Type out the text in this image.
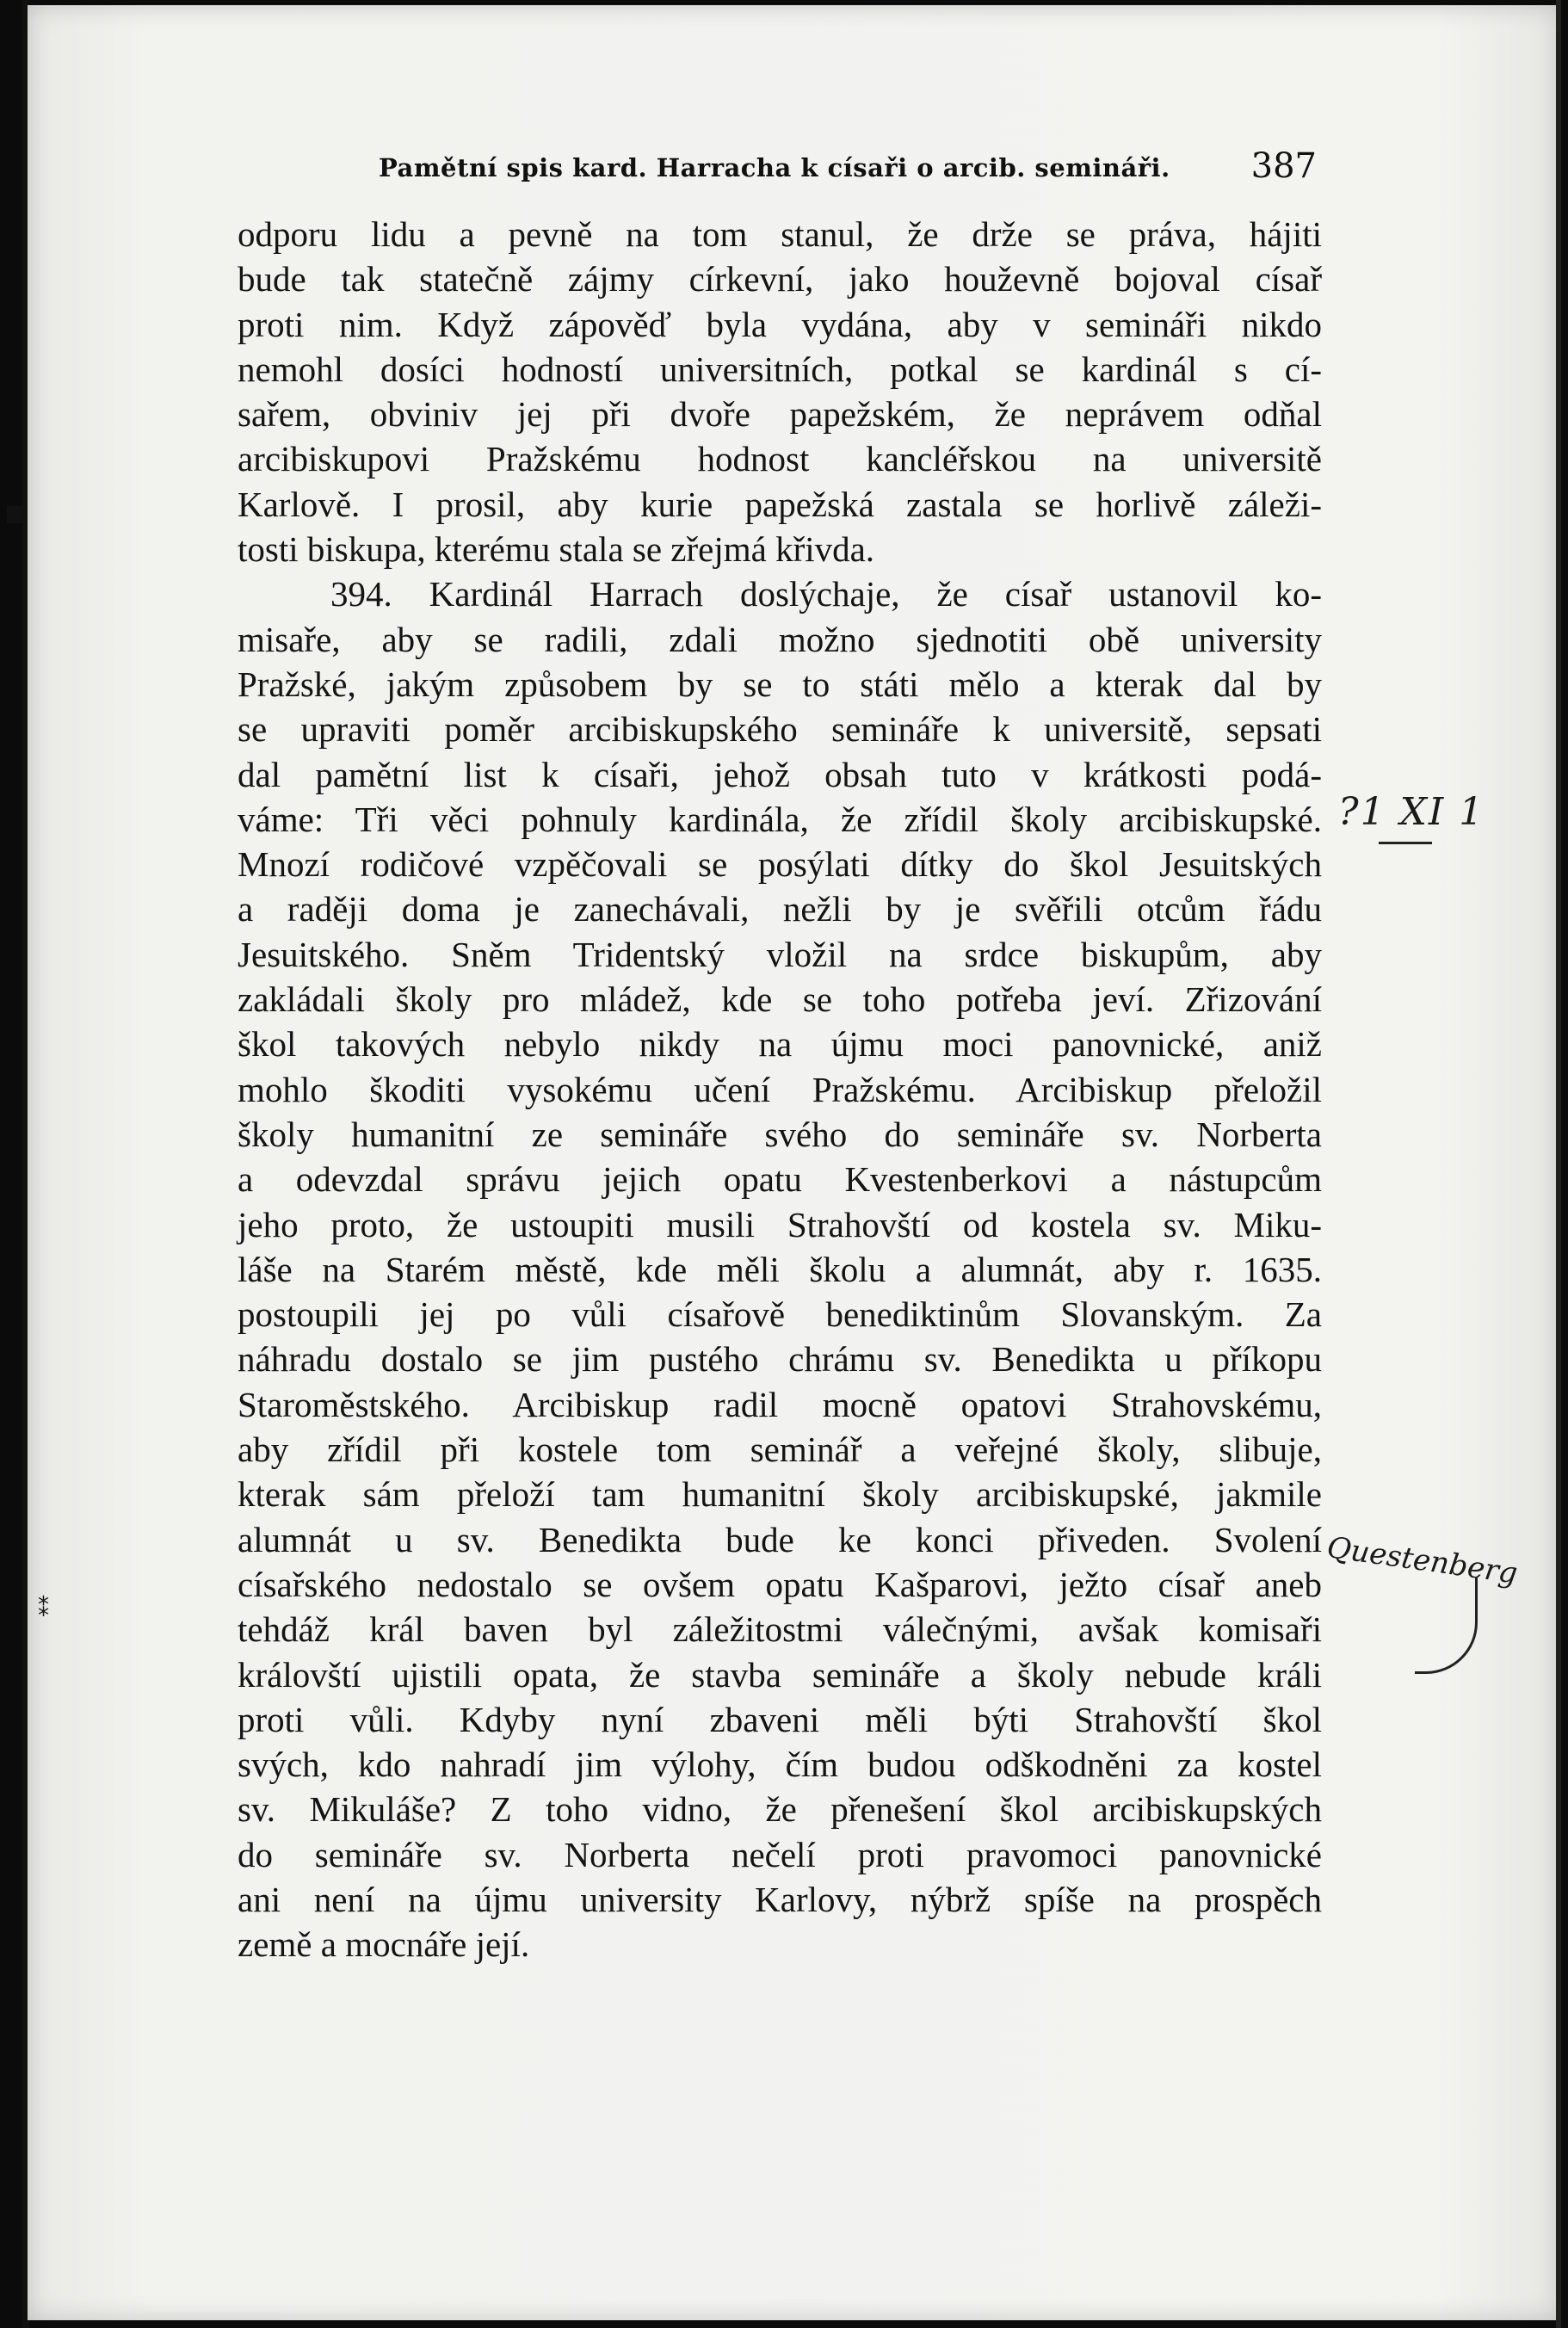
Pamětní spis kard. Harracha k císaři o arcib. semináři. 387
odporu lidu a pevně na tom stanul, že drže se práva, hájiti
bude tak statečně zájmy církevní, jako houževně bojoval císař
proti nim. Když zápověď byla vydána, aby v semináři nikdo
nemohl dosíci hodností universitních, potkal se kardinál s cí-
sařem, obviniv jej při dvoře papežském, že neprávem odňal
arcibiskupovi Pražskému hodnost kancléřskou na universitě
Karlově. I prosil, aby kurie papežská zastala se horlivě záleži-
tosti biskupa, kterému stala se zřejmá křivda.
394. Kardinál Harrach doslýchaje, že císař ustanovil ko-
misaře, aby se radili, zdali možno sjednotiti obě university
Pražské, jakým způsobem by se to státi mělo a kterak dal by
se upraviti poměr arcibiskupského semináře k universitě, sepsati
dal pamětní list k císaři, jehož obsah tuto v krátkosti podá-
váme: Tři věci pohnuly kardinála, že zřídil školy arcibiskupské.
Mnozí rodičové vzpěčovali se posýlati dítky do škol Jesuitských
a raději doma je zanechávali, nežli by je svěřili otcům řádu
Jesuitského. Sněm Tridentský vložil na srdce biskupům, aby
zakládali školy pro mládež, kde se toho potřeba jeví. Zřizování
škol takových nebylo nikdy na újmu moci panovnické, aniž
mohlo škoditi vysokému učení Pražskému. Arcibiskup přeložil
školy humanitní ze semináře svého do semináře sv. Norberta
a odevzdal správu jejich opatu Kvestenberkovi a nástupcům
jeho proto, že ustoupiti musili Strahovští od kostela sv. Miku-
láše na Starém městě, kde měli školu a alumnát, aby r. 1635.
postoupili jej po vůli císařově benediktinům Slovanským. Za
náhradu dostalo se jim pustého chrámu sv. Benedikta u příkopu
Staroměstského. Arcibiskup radil mocně opatovi Strahovskému,
aby zřídil při kostele tom seminář a veřejné školy, slibuje,
kterak sám přeloží tam humanitní školy arcibiskupské, jakmile
alumnát u sv. Benedikta bude ke konci přiveden. Svolení
císařského nedostalo se ovšem opatu Kašparovi, ježto císař aneb
tehdáž král baven byl záležitostmi válečnými, avšak komisaři
královští ujistili opata, že stavba semináře a školy nebude králi
proti vůli. Kdyby nyní zbaveni měli býti Strahovští škol
svých, kdo nahradí jim výlohy, čím budou odškodněni za kostel
sv. Mikuláše? Z toho vidno, že přenešení škol arcibiskupských
do semináře sv. Norberta nečelí proti pravomoci panovnické
ani není na újmu university Karlovy, nýbrž spíše na prospěch
země a mocnáře její.
?1 XI 1
Questenberg
⁑
